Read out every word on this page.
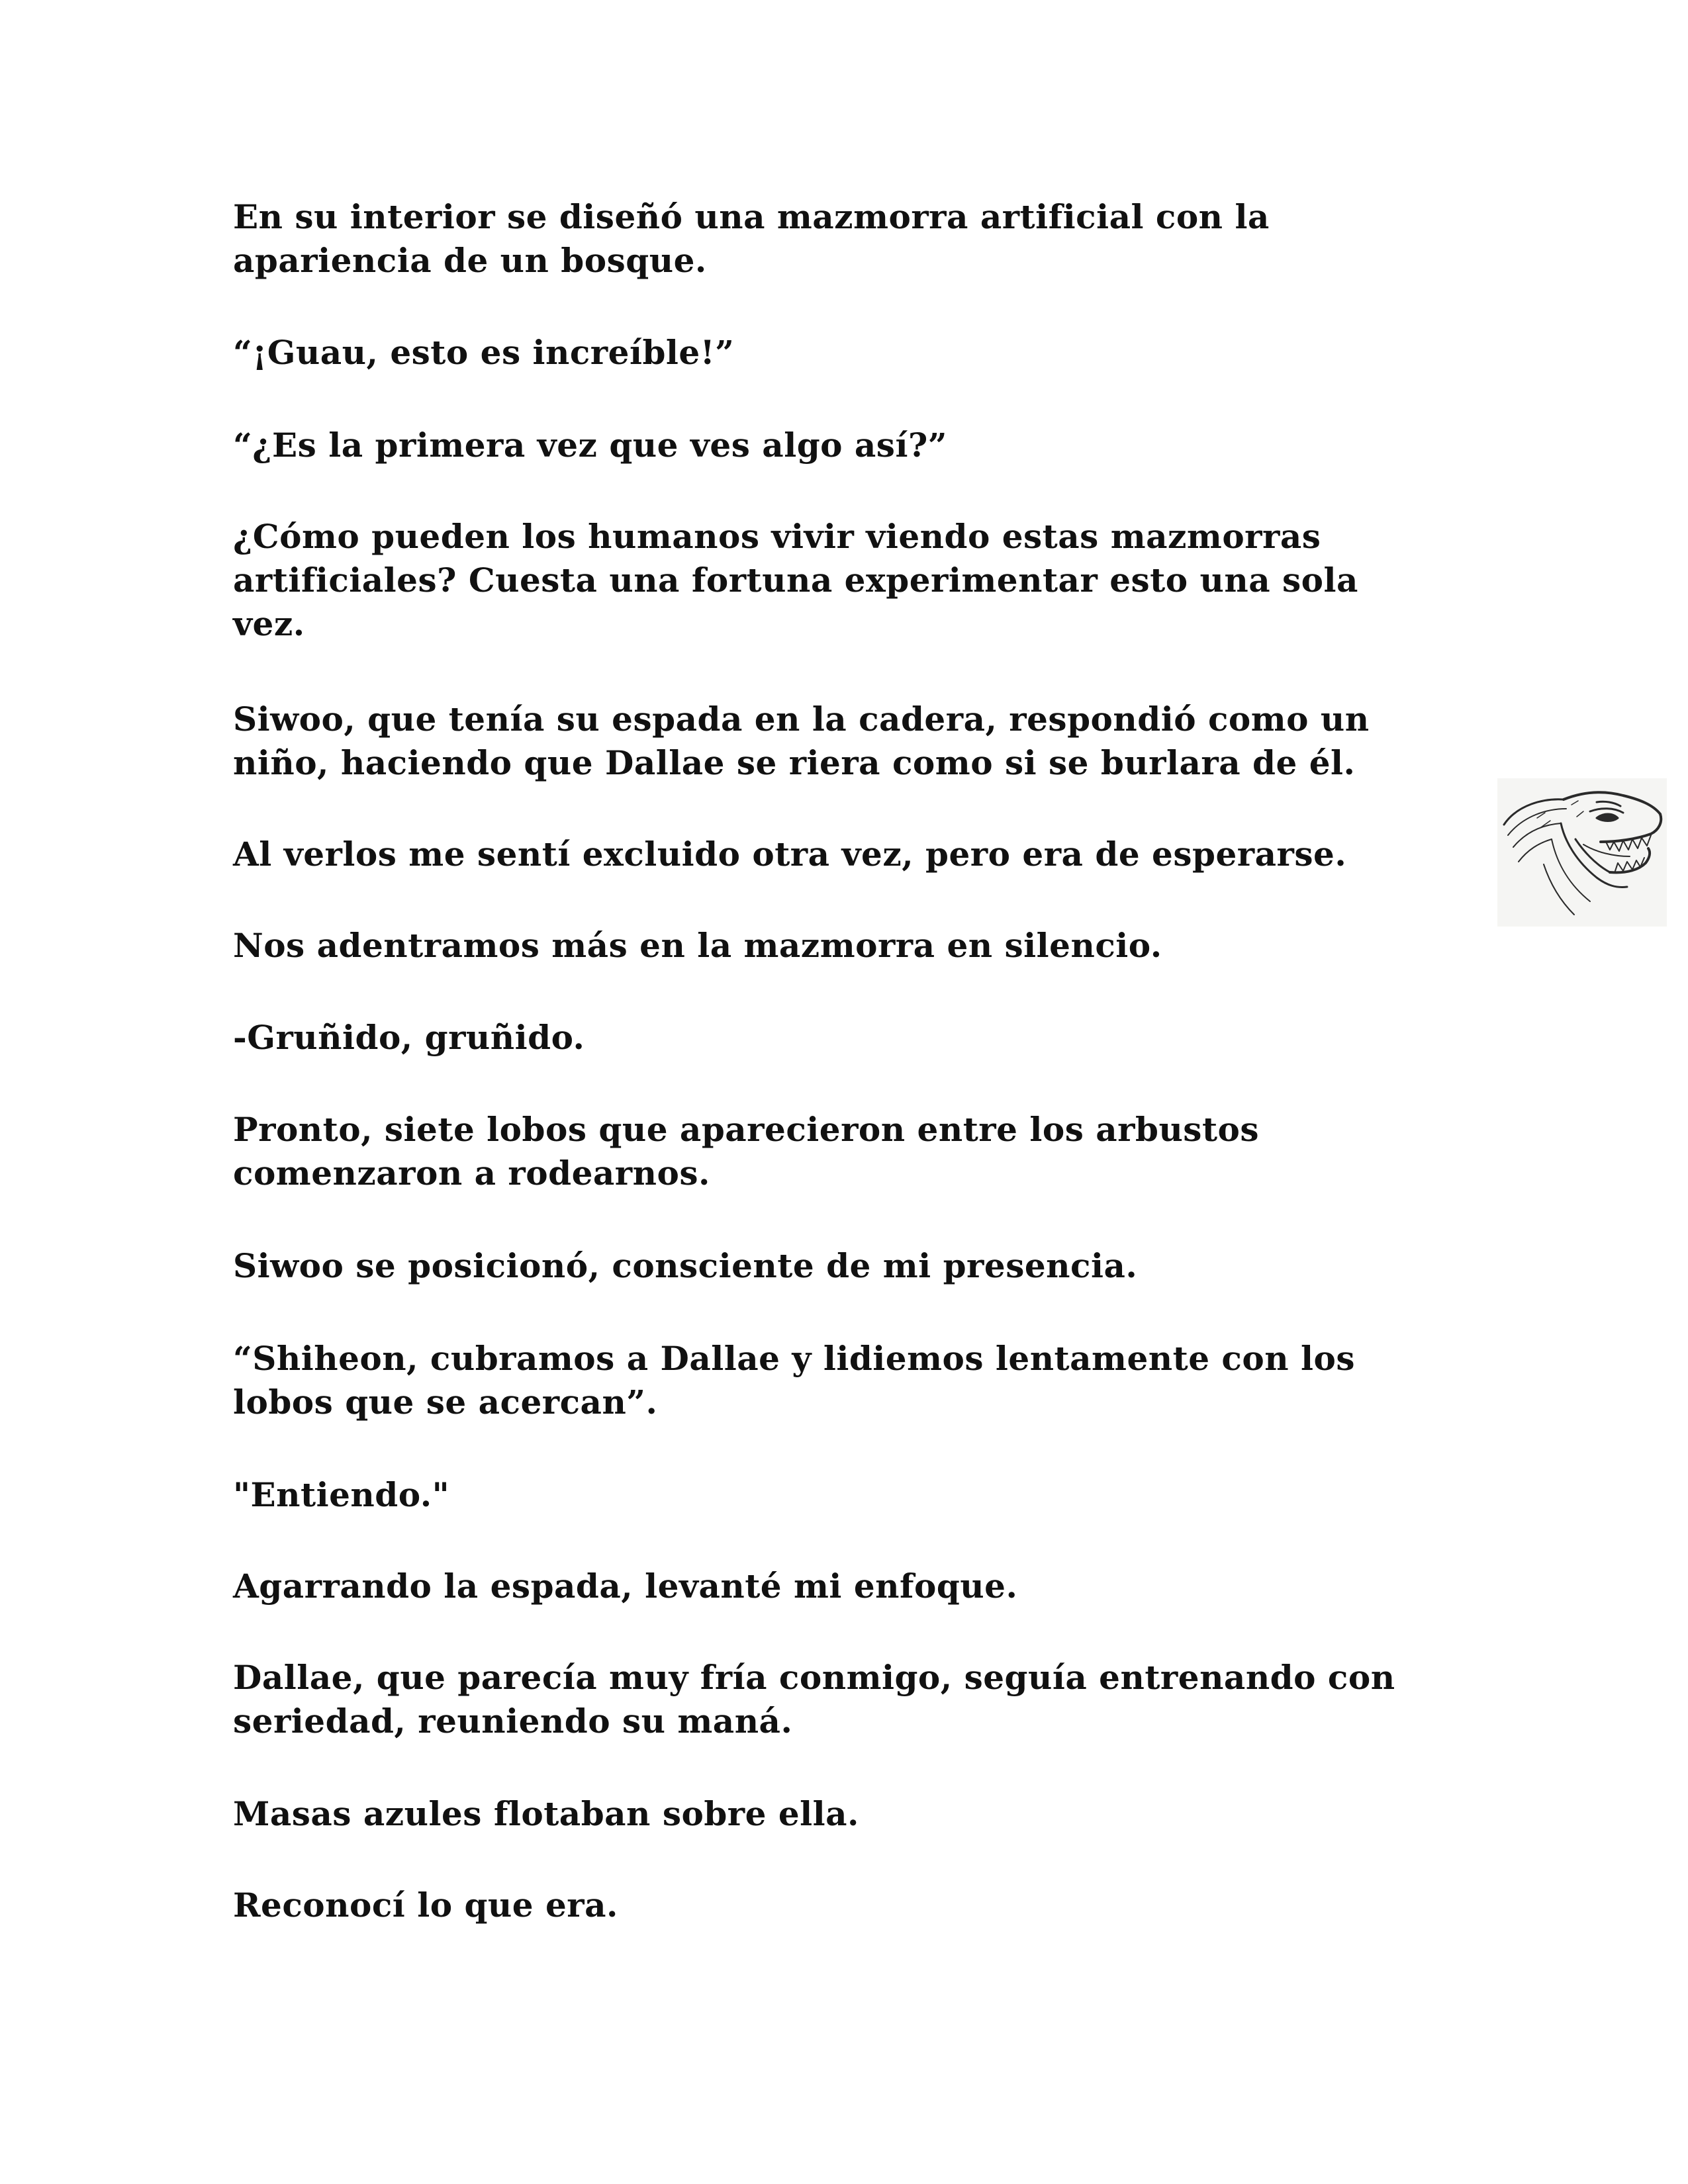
En su interior se diseñó una mazmorra artificial con la
apariencia de un bosque.

“¡Guau, esto es increíble!”

“¿Es la primera vez que ves algo así?”

¿Cómo pueden los humanos vivir viendo estas mazmorras
artificiales? Cuesta una fortuna experimentar esto una sola
vez.

Siwoo, que tenía su espada en la cadera, respondió como un
niño, haciendo que Dallae se riera como si se burlara de él.

Al verlos me sentí excluido otra vez, pero era de esperarse.

Nos adentramos más en la mazmorra en silencio.

-Gruñido, gruñido.

Pronto, siete lobos que aparecieron entre los arbustos
comenzaron a rodearnos.

Siwoo se posicionó, consciente de mi presencia.

“Shiheon, cubramos a Dallae y lidiemos lentamente con los
lobos que se acercan”.

"Entiendo."

Agarrando la espada, levanté mi enfoque.

Dallae, que parecía muy fría conmigo, seguía entrenando con
seriedad, reuniendo su maná.

Masas azules flotaban sobre ella.

Reconocí lo que era.
